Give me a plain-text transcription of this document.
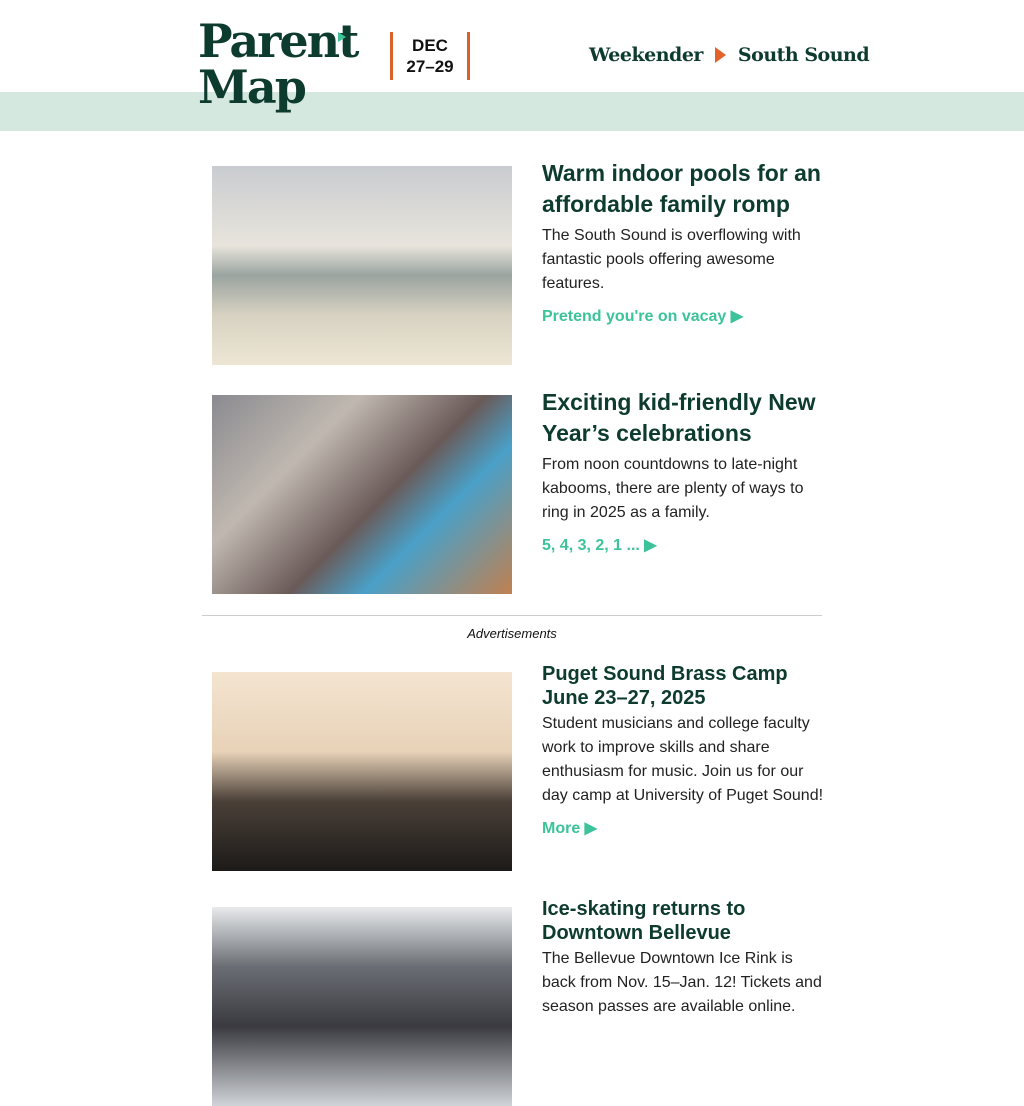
Parent
Map
DEC
27–29
Weekender South Sound
Warm indoor pools for an affordable family romp
The South Sound is overflowing with fantastic pools offering awesome features.
Pretend you're on vacay ▶
Exciting kid-friendly New Year’s celebrations
From noon countdowns to late-night kabooms, there are plenty of ways to ring in 2025 as a family.
5, 4, 3, 2, 1 ... ▶
Advertisements
Puget Sound Brass Camp June 23–27, 2025
Student musicians and college faculty work to improve skills and share enthusiasm for music. Join us for our day camp at University of Puget Sound!
More ▶
Ice-skating returns to Downtown Bellevue
The Bellevue Downtown Ice Rink is back from Nov. 15–Jan. 12! Tickets and season passes are available online.
